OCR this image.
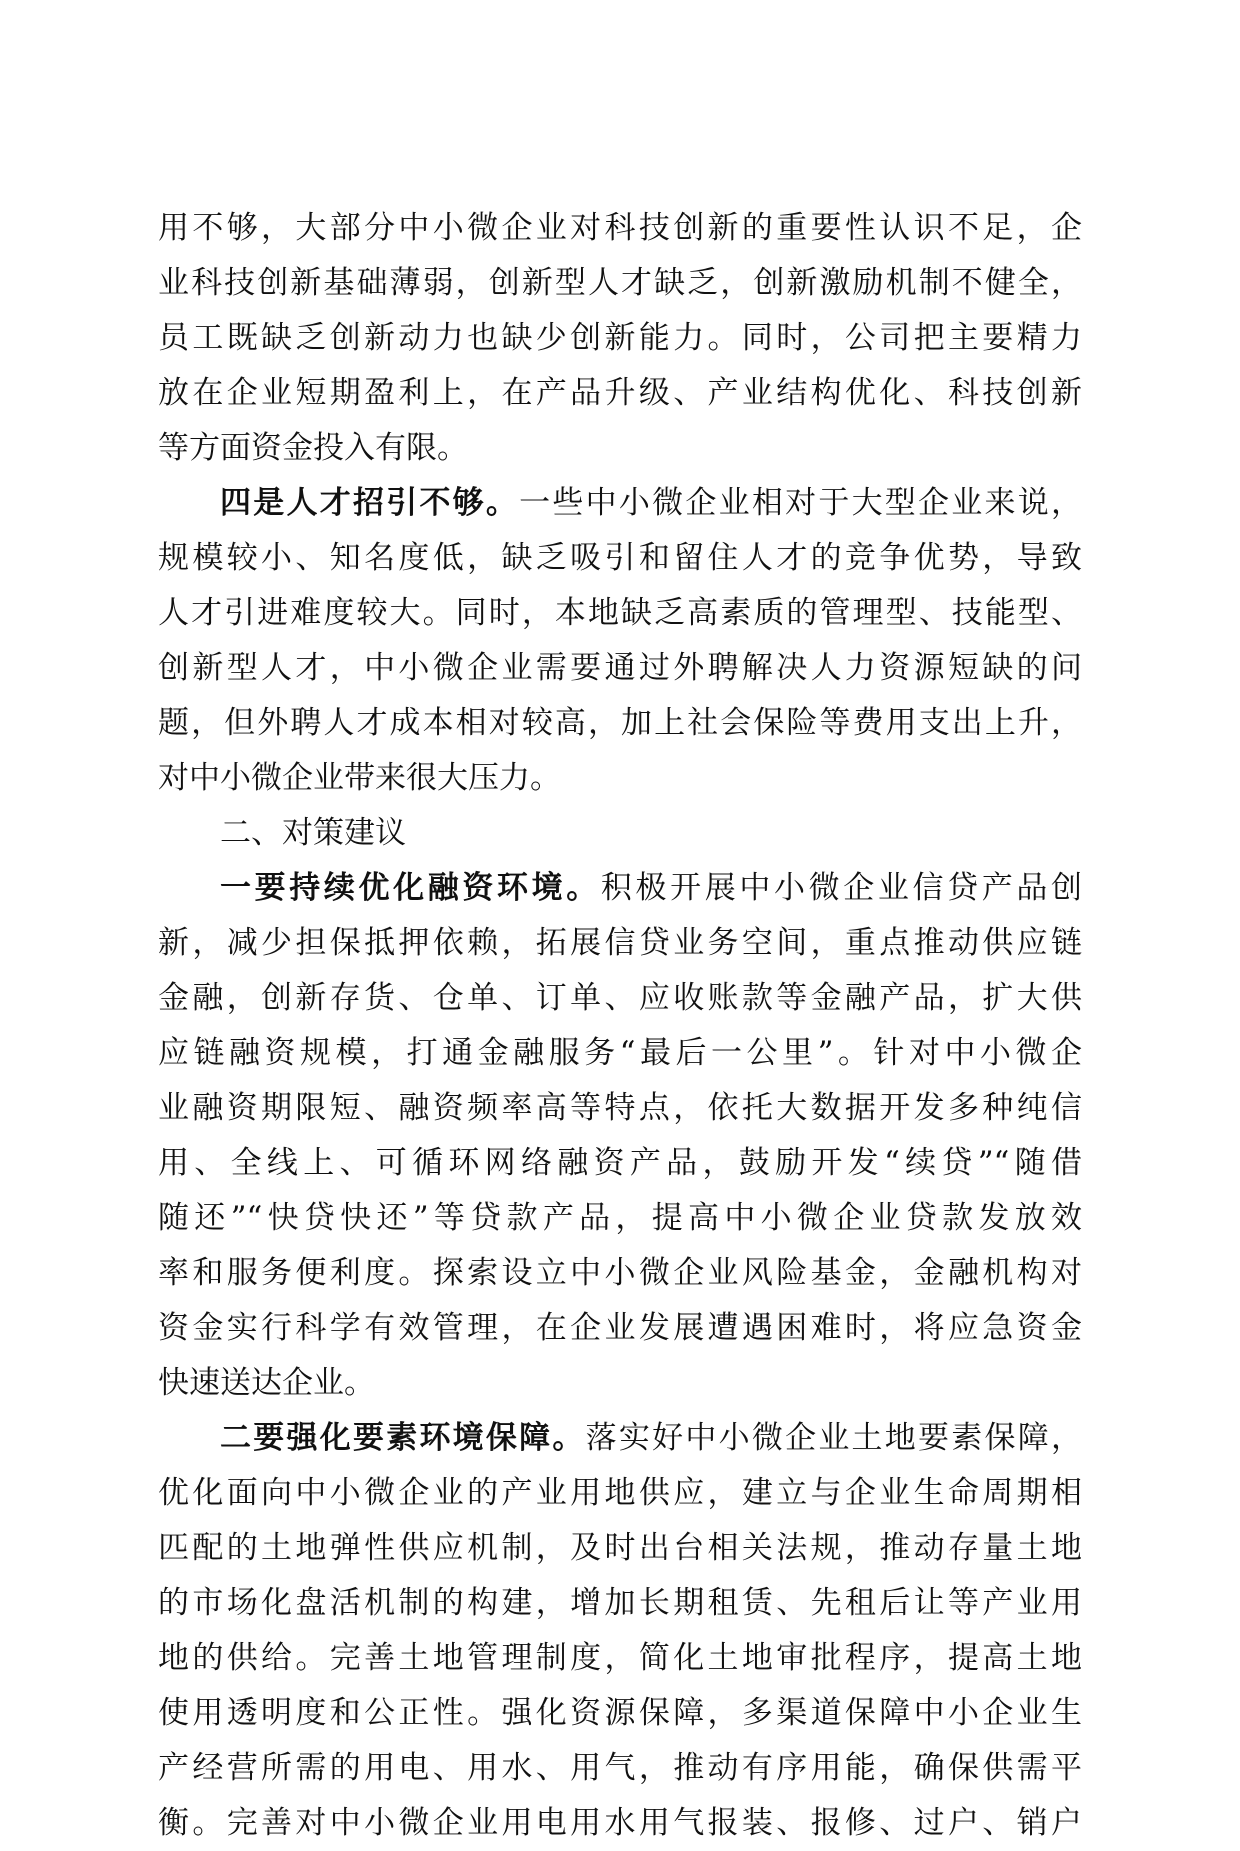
用不够，大部分中小微企业对科技创新的重要性认识不足，企
业科技创新基础薄弱，创新型人才缺乏，创新激励机制不健全，
员工既缺乏创新动力也缺少创新能力。同时，公司把主要精力
放在企业短期盈利上，在产品升级、产业结构优化、科技创新
等方面资金投入有限。
四是人才招引不够。一些中小微企业相对于大型企业来说，
规模较小、知名度低，缺乏吸引和留住人才的竞争优势，导致
人才引进难度较大。同时，本地缺乏高素质的管理型、技能型、
创新型人才，中小微企业需要通过外聘解决人力资源短缺的问
题，但外聘人才成本相对较高，加上社会保险等费用支出上升，
对中小微企业带来很大压力。
二、对策建议
一要持续优化融资环境。积极开展中小微企业信贷产品创
新，减少担保抵押依赖，拓展信贷业务空间，重点推动供应链
金融，创新存货、仓单、订单、应收账款等金融产品，扩大供
应链融资规模，打通金融服务“最后一公里”。针对中小微企
业融资期限短、融资频率高等特点，依托大数据开发多种纯信
用、全线上、可循环网络融资产品，鼓励开发“续贷”“随借
随还”“快贷快还”等贷款产品，提高中小微企业贷款发放效
率和服务便利度。探索设立中小微企业风险基金，金融机构对
资金实行科学有效管理，在企业发展遭遇困难时，将应急资金
快速送达企业。
二要强化要素环境保障。落实好中小微企业土地要素保障，
优化面向中小微企业的产业用地供应，建立与企业生命周期相
匹配的土地弹性供应机制，及时出台相关法规，推动存量土地
的市场化盘活机制的构建，增加长期租赁、先租后让等产业用
地的供给。完善土地管理制度，简化土地审批程序，提高土地
使用透明度和公正性。强化资源保障，多渠道保障中小企业生
产经营所需的用电、用水、用气，推动有序用能，确保供需平
衡。完善对中小微企业用电用水用气报装、报修、过户、销户
